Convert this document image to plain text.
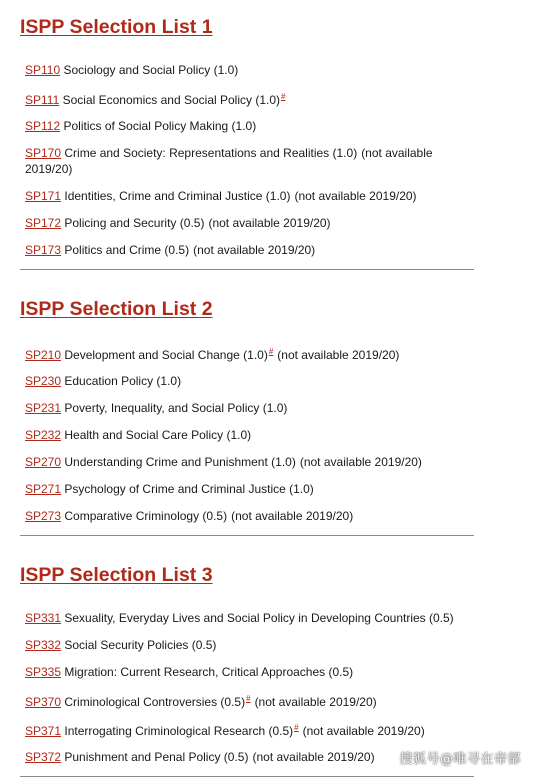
ISPP Selection List 1
SP110 Sociology and Social Policy (1.0)
SP111 Social Economics and Social Policy (1.0)#
SP112 Politics of Social Policy Making (1.0)
SP170 Crime and Society: Representations and Realities (1.0) (not available 2019/20)
SP171 Identities, Crime and Criminal Justice (1.0) (not available 2019/20)
SP172 Policing and Security (0.5) (not available 2019/20)
SP173 Politics and Crime (0.5) (not available 2019/20)
ISPP Selection List 2
SP210 Development and Social Change (1.0)# (not available 2019/20)
SP230 Education Policy (1.0)
SP231 Poverty, Inequality, and Social Policy (1.0)
SP232 Health and Social Care Policy (1.0)
SP270 Understanding Crime and Punishment (1.0) (not available 2019/20)
SP271 Psychology of Crime and Criminal Justice (1.0)
SP273 Comparative Criminology (0.5) (not available 2019/20)
ISPP Selection List 3
SP331 Sexuality, Everyday Lives and Social Policy in Developing Countries (0.5)
SP332 Social Security Policies (0.5)
SP335 Migration: Current Research, Critical Approaches (0.5)
SP370 Criminological Controversies (0.5)# (not available 2019/20)
SP371 Interrogating Criminological Research (0.5)# (not available 2019/20)
SP372 Punishment and Penal Policy (0.5) (not available 2019/20)	搜狐号@唯寻在帝都
